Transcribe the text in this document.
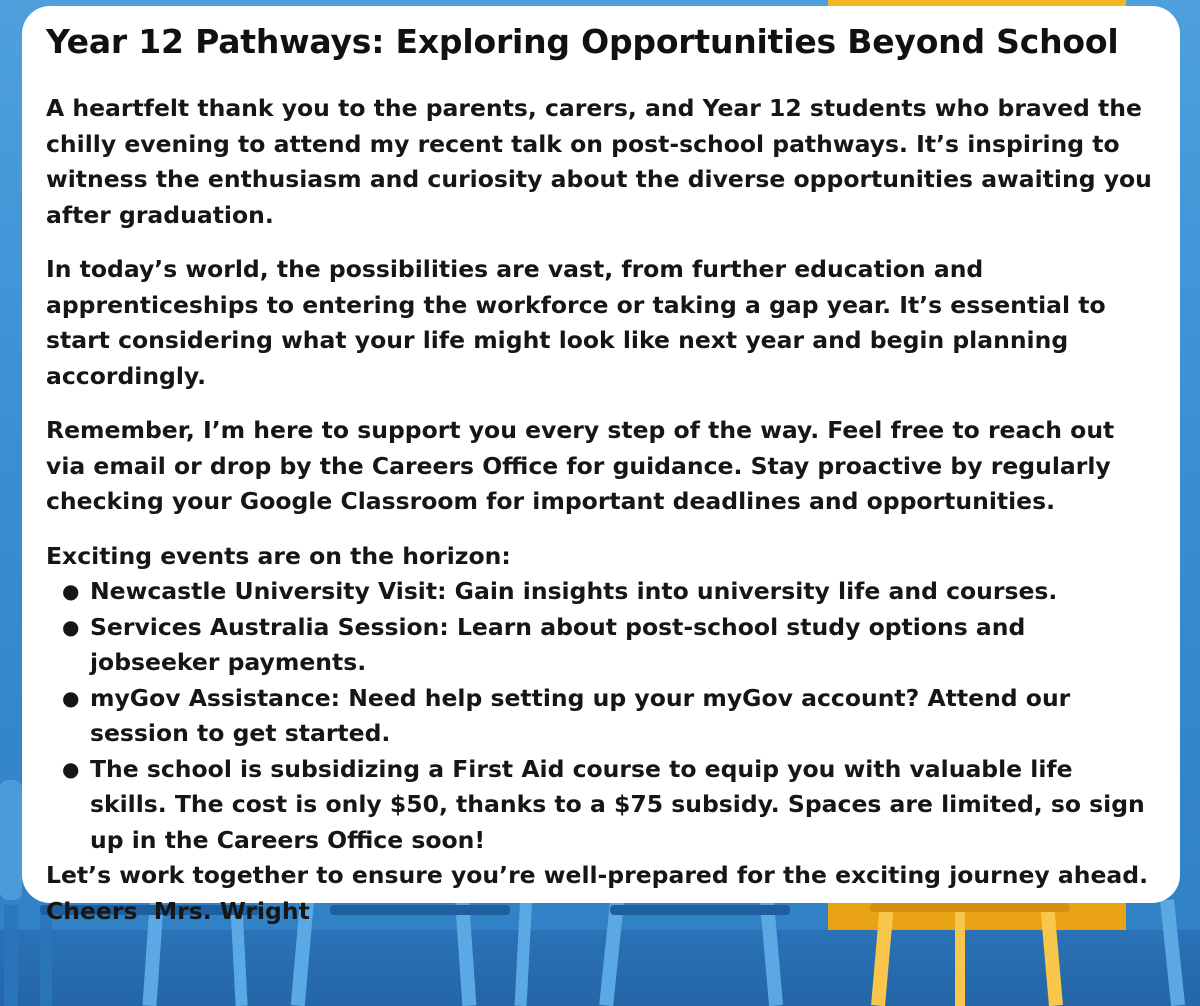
Year 12 Pathways: Exploring Opportunities Beyond School

A heartfelt thank you to the parents, carers, and Year 12 students who braved the chilly evening to attend my recent talk on post-school pathways. It’s inspiring to witness the enthusiasm and curiosity about the diverse opportunities awaiting you after graduation.

In today’s world, the possibilities are vast, from further education and apprenticeships to entering the workforce or taking a gap year. It’s essential to start considering what your life might look like next year and begin planning accordingly.

Remember, I’m here to support you every step of the way. Feel free to reach out via email or drop by the Careers Office for guidance. Stay proactive by regularly checking your Google Classroom for important deadlines and opportunities.

Exciting events are on the horizon:

● Newcastle University Visit: Gain insights into university life and courses.
● Services Australia Session: Learn about post-school study options and jobseeker payments.
● myGov Assistance: Need help setting up your myGov account? Attend our session to get started.
● The school is subsidizing a First Aid course to equip you with valuable life skills. The cost is only $50, thanks to a $75 subsidy. Spaces are limited, so sign up in the Careers Office soon!

Let’s work together to ensure you’re well-prepared for the exciting journey ahead.

Cheers  Mrs. Wright
